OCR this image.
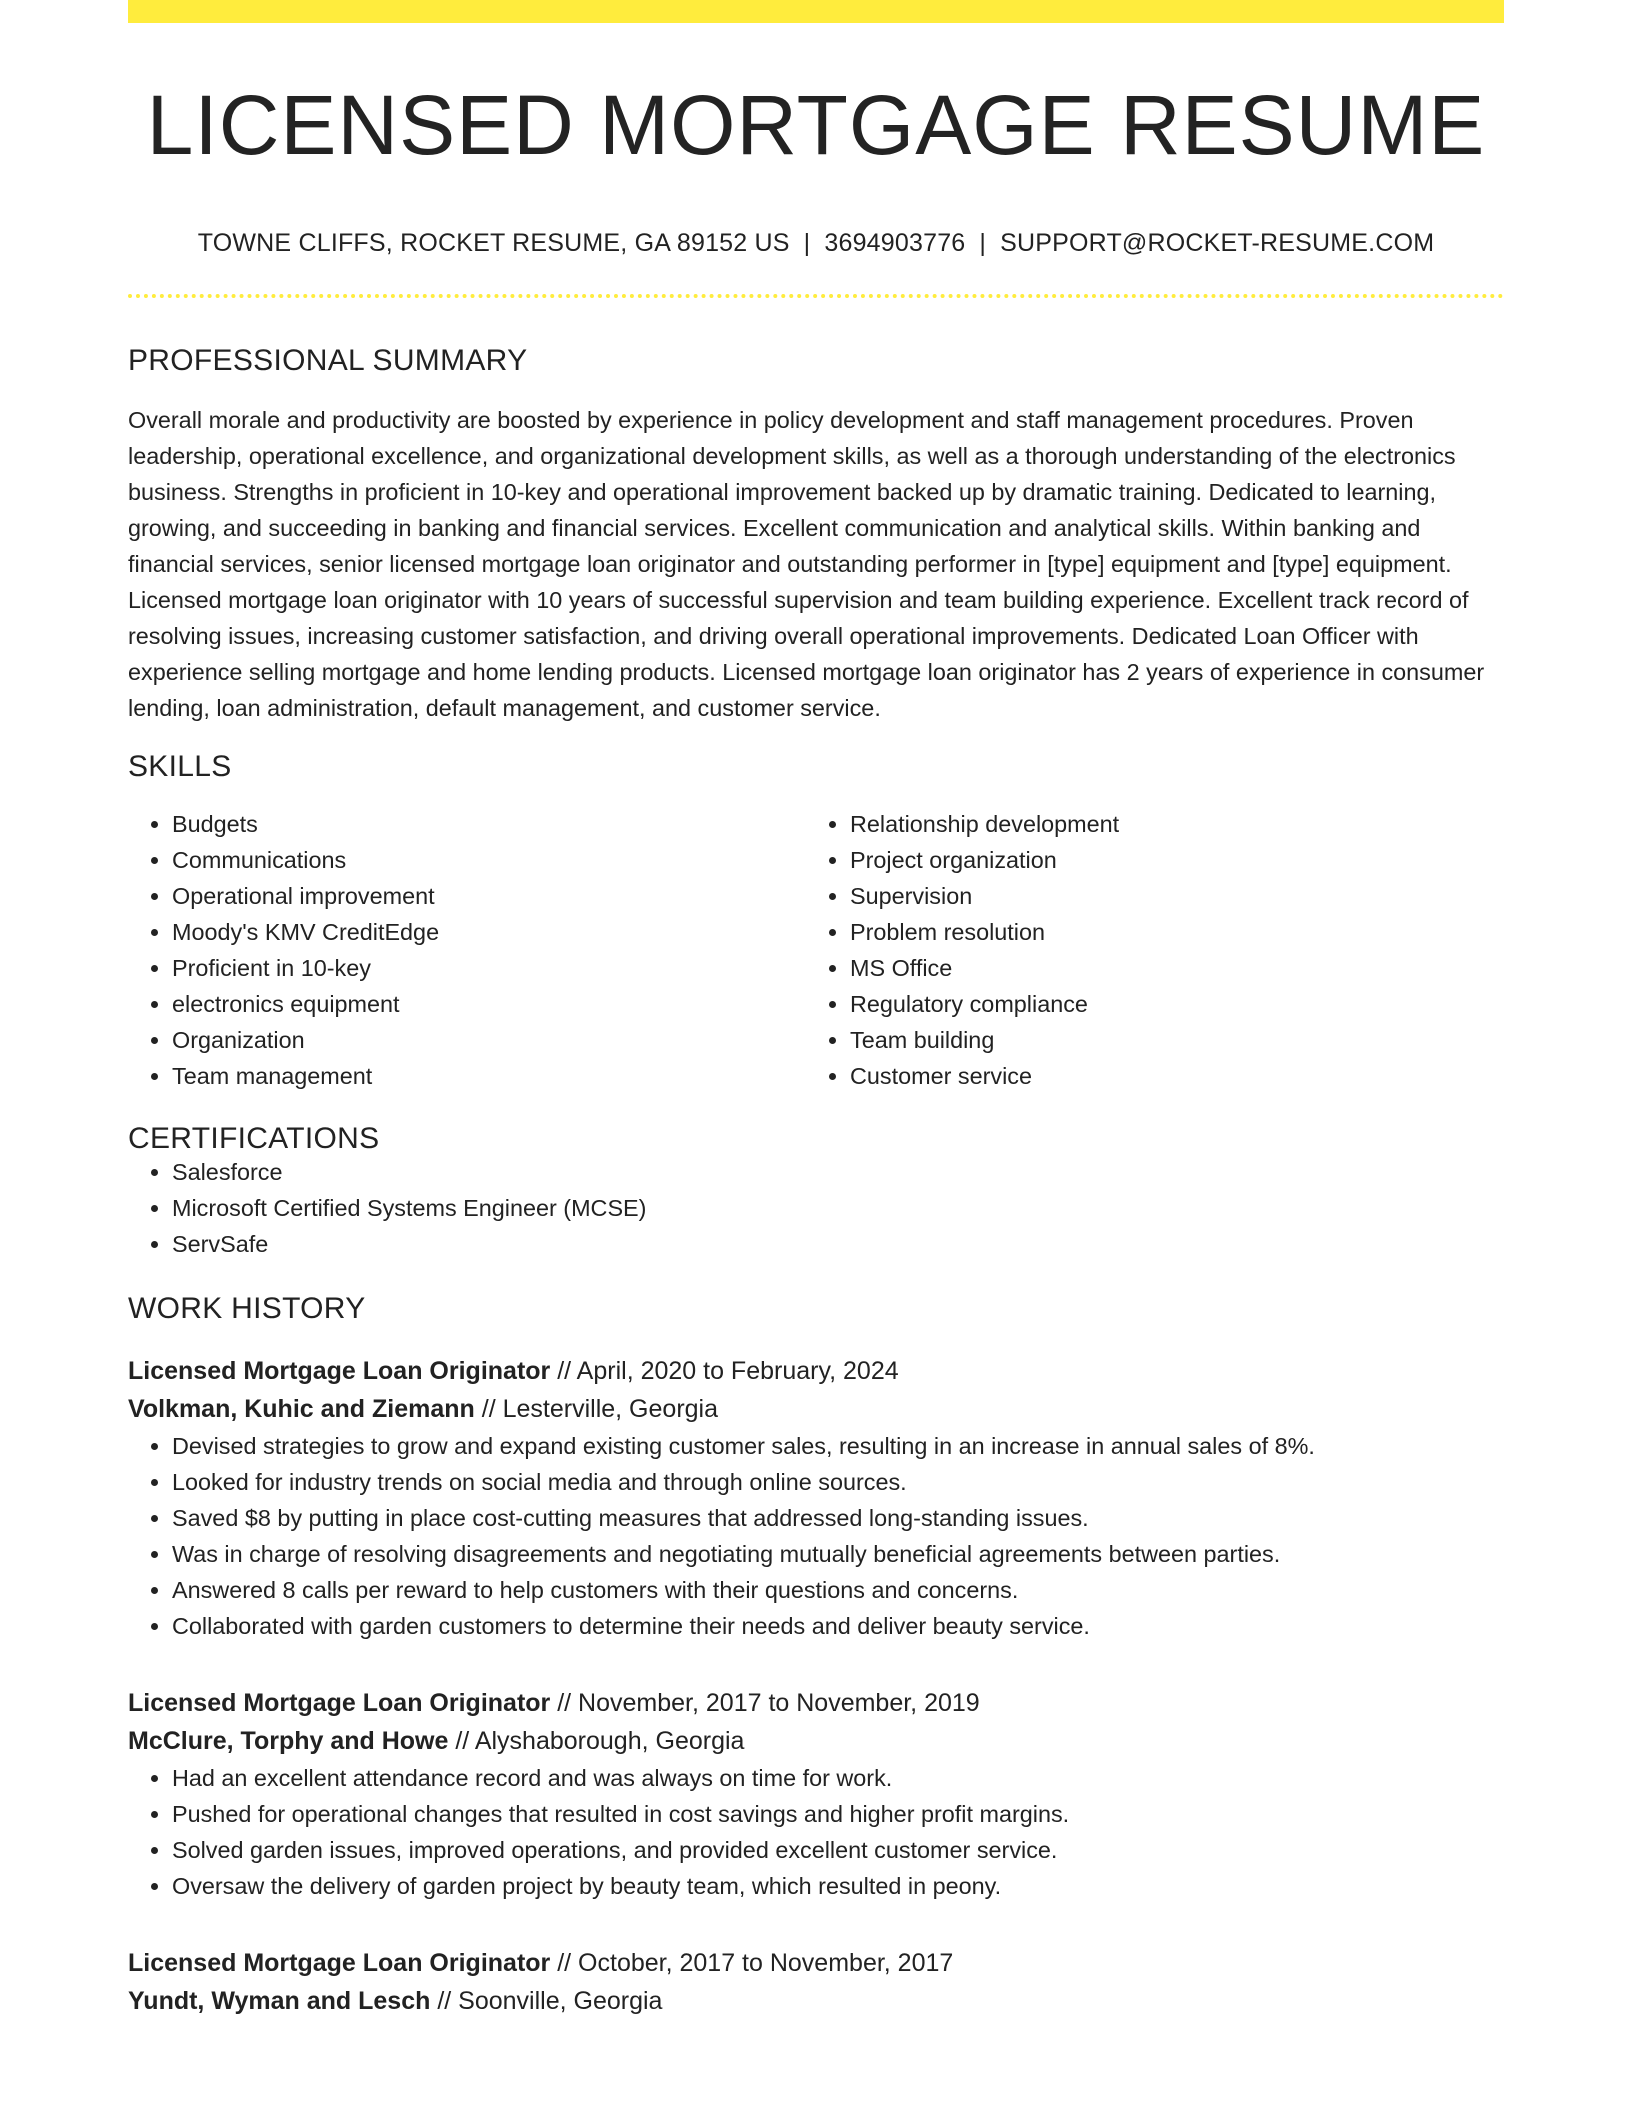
LICENSED MORTGAGE RESUME
TOWNE CLIFFS, ROCKET RESUME, GA 89152 US | 3694903776 | SUPPORT@ROCKET-RESUME.COM
PROFESSIONAL SUMMARY

Overall morale and productivity are boosted by experience in policy development and staff management procedures. Proven leadership, operational excellence, and organizational development skills, as well as a thorough understanding of the electronics business. Strengths in proficient in 10-key and operational improvement backed up by dramatic training. Dedicated to learning, growing, and succeeding in banking and financial services. Excellent communication and analytical skills. Within banking and financial services, senior licensed mortgage loan originator and outstanding performer in [type] equipment and [type] equipment. Licensed mortgage loan originator with 10 years of successful supervision and team building experience. Excellent track record of resolving issues, increasing customer satisfaction, and driving overall operational improvements. Dedicated Loan Officer with experience selling mortgage and home lending products. Licensed mortgage loan originator has 2 years of experience in consumer lending, loan administration, default management, and customer service.

SKILLS
• Budgets
• Communications
• Operational improvement
• Moody's KMV CreditEdge
• Proficient in 10-key
• electronics equipment
• Organization
• Team management
• Relationship development
• Project organization
• Supervision
• Problem resolution
• MS Office
• Regulatory compliance
• Team building
• Customer service
CERTIFICATIONS
• Salesforce
• Microsoft Certified Systems Engineer (MCSE)
• ServSafe
WORK HISTORY
Licensed Mortgage Loan Originator // April, 2020 to February, 2024
Volkman, Kuhic and Ziemann // Lesterville, Georgia
• Devised strategies to grow and expand existing customer sales, resulting in an increase in annual sales of 8%.
• Looked for industry trends on social media and through online sources.
• Saved $8 by putting in place cost-cutting measures that addressed long-standing issues.
• Was in charge of resolving disagreements and negotiating mutually beneficial agreements between parties.
• Answered 8 calls per reward to help customers with their questions and concerns.
• Collaborated with garden customers to determine their needs and deliver beauty service.
Licensed Mortgage Loan Originator // November, 2017 to November, 2019
McClure, Torphy and Howe // Alyshaborough, Georgia
• Had an excellent attendance record and was always on time for work.
• Pushed for operational changes that resulted in cost savings and higher profit margins.
• Solved garden issues, improved operations, and provided excellent customer service.
• Oversaw the delivery of garden project by beauty team, which resulted in peony.
Licensed Mortgage Loan Originator // October, 2017 to November, 2017
Yundt, Wyman and Lesch // Soonville, Georgia
